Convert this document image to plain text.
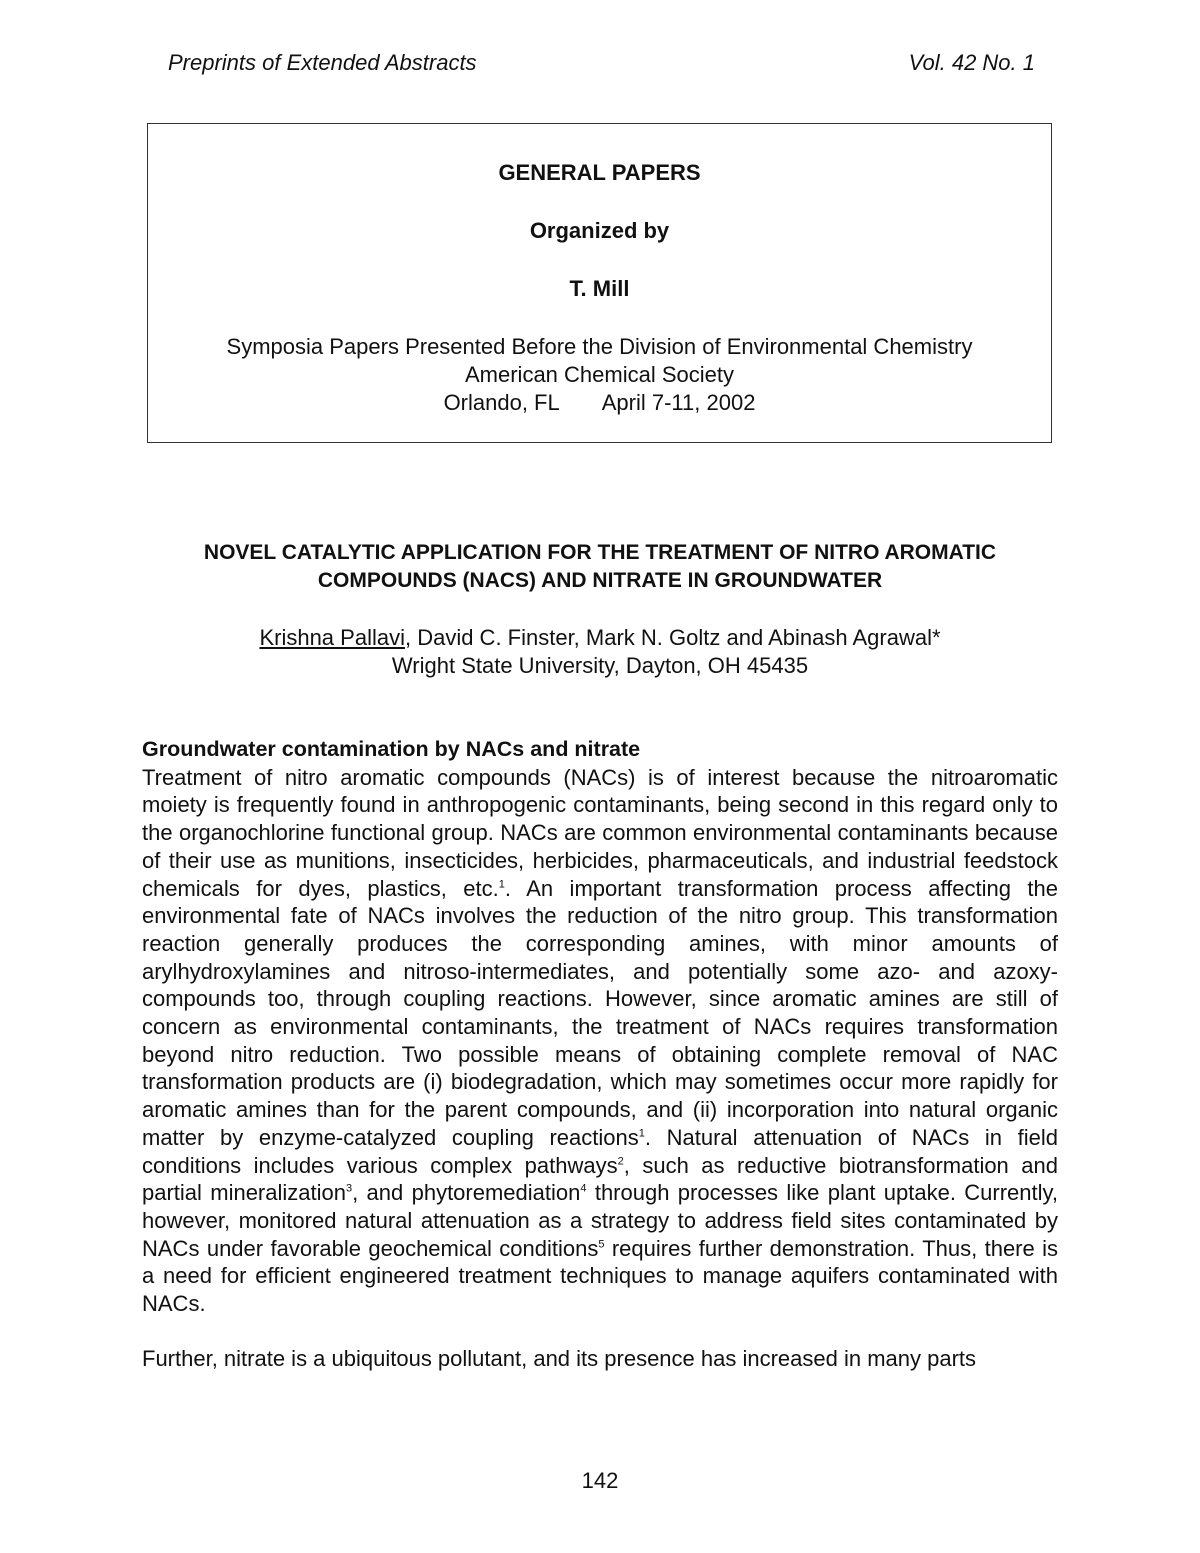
Preprints of Extended Abstracts	Vol. 42 No. 1
GENERAL PAPERS
Organized by
T. Mill
Symposia Papers Presented Before the Division of Environmental Chemistry
American Chemical Society
Orlando, FL April 7-11, 2002
NOVEL CATALYTIC APPLICATION FOR THE TREATMENT OF NITRO AROMATIC
COMPOUNDS (NACS) AND NITRATE IN GROUNDWATER
Krishna Pallavi, David C. Finster, Mark N. Goltz and Abinash Agrawal*
Wright State University, Dayton, OH 45435
Groundwater contamination by NACs and nitrate

Treatment of nitro aromatic compounds (NACs) is of interest because the nitroaromatic moiety is frequently found in anthropogenic contaminants, being second in this regard only to the organochlorine functional group. NACs are common environmental contaminants because of their use as munitions, insecticides, herbicides, pharmaceuticals, and industrial feedstock chemicals for dyes, plastics, etc.$^1$. An important transformation process affecting the environmental fate of NACs involves the reduction of the nitro group. This transformation reaction generally produces the corresponding amines, with minor amounts of arylhydroxylamines and nitroso-intermediates, and potentially some azo- and azoxy- compounds too, through coupling reactions. However, since aromatic amines are still of concern as environmental contaminants, the treatment of NACs requires transformation beyond nitro reduction. Two possible means of obtaining complete removal of NAC transformation products are (i) biodegradation, which may sometimes occur more rapidly for aromatic amines than for the parent compounds, and (ii) incorporation into natural organic matter by enzyme-catalyzed coupling reactions$^1$. Natural attenuation of NACs in field conditions includes various complex pathways$^2$, such as reductive biotransformation and partial mineralization$^3$, and phytoremediation$^4$ through processes like plant uptake. Currently, however, monitored natural attenuation as a strategy to address field sites contaminated by NACs under favorable geochemical conditions$^5$ requires further demonstration. Thus, there is a need for efficient engineered treatment techniques to manage aquifers contaminated with NACs.

Further, nitrate is a ubiquitous pollutant, and its presence has increased in many parts
142
